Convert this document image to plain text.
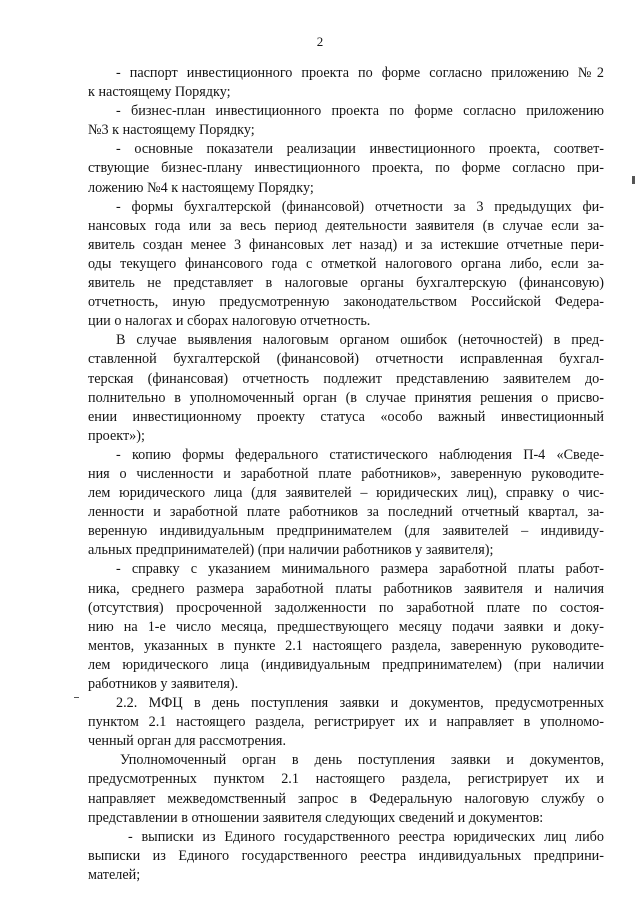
2
- паспорт инвестиционного проекта по форме согласно приложению №2
к настоящему Порядку;
- бизнес-план инвестиционного проекта по форме согласно приложению
№3 к настоящему Порядку;
- основные показатели реализации инвестиционного проекта, соответ-
ствующие бизнес-плану инвестиционного проекта, по форме согласно при-
ложению №4 к настоящему Порядку;
- формы бухгалтерской (финансовой) отчетности за 3 предыдущих фи-
нансовых года или за весь период деятельности заявителя (в случае если за-
явитель создан менее 3 финансовых лет назад) и за истекшие отчетные пери-
оды текущего финансового года с отметкой налогового органа либо, если за-
явитель не представляет в налоговые органы бухгалтерскую (финансовую)
отчетность, иную предусмотренную законодательством Российской Федера-
ции о налогах и сборах налоговую отчетность.
В случае выявления налоговым органом ошибок (неточностей) в пред-
ставленной бухгалтерской (финансовой) отчетности исправленная бухгал-
терская (финансовая) отчетность подлежит представлению заявителем до-
полнительно в уполномоченный орган (в случае принятия решения о присво-
ении инвестиционному проекту статуса «особо важный инвестиционный
проект»);
- копию формы федерального статистического наблюдения П-4 «Сведе-
ния о численности и заработной плате работников», заверенную руководите-
лем юридического лица (для заявителей – юридических лиц), справку о чис-
ленности и заработной плате работников за последний отчетный квартал, за-
веренную индивидуальным предпринимателем (для заявителей – индивиду-
альных предпринимателей) (при наличии работников у заявителя);
- справку с указанием минимального размера заработной платы работ-
ника, среднего размера заработной платы работников заявителя и наличия
(отсутствия) просроченной задолженности по заработной плате по состоя-
нию на 1-е число месяца, предшествующего месяцу подачи заявки и доку-
ментов, указанных в пункте 2.1 настоящего раздела, заверенную руководите-
лем юридического лица (индивидуальным предпринимателем) (при наличии
работников у заявителя).
2.2. МФЦ в день поступления заявки и документов, предусмотренных
пунктом 2.1 настоящего раздела, регистрирует их и направляет в уполномо-
ченный орган для рассмотрения.
Уполномоченный орган в день поступления заявки и документов,
предусмотренных пунктом 2.1 настоящего раздела, регистрирует их и
направляет межведомственный запрос в Федеральную налоговую службу о
представлении в отношении заявителя следующих сведений и документов:
- выписки из Единого государственного реестра юридических лиц либо
выписки из Единого государственного реестра индивидуальных предприни-
мателей;
